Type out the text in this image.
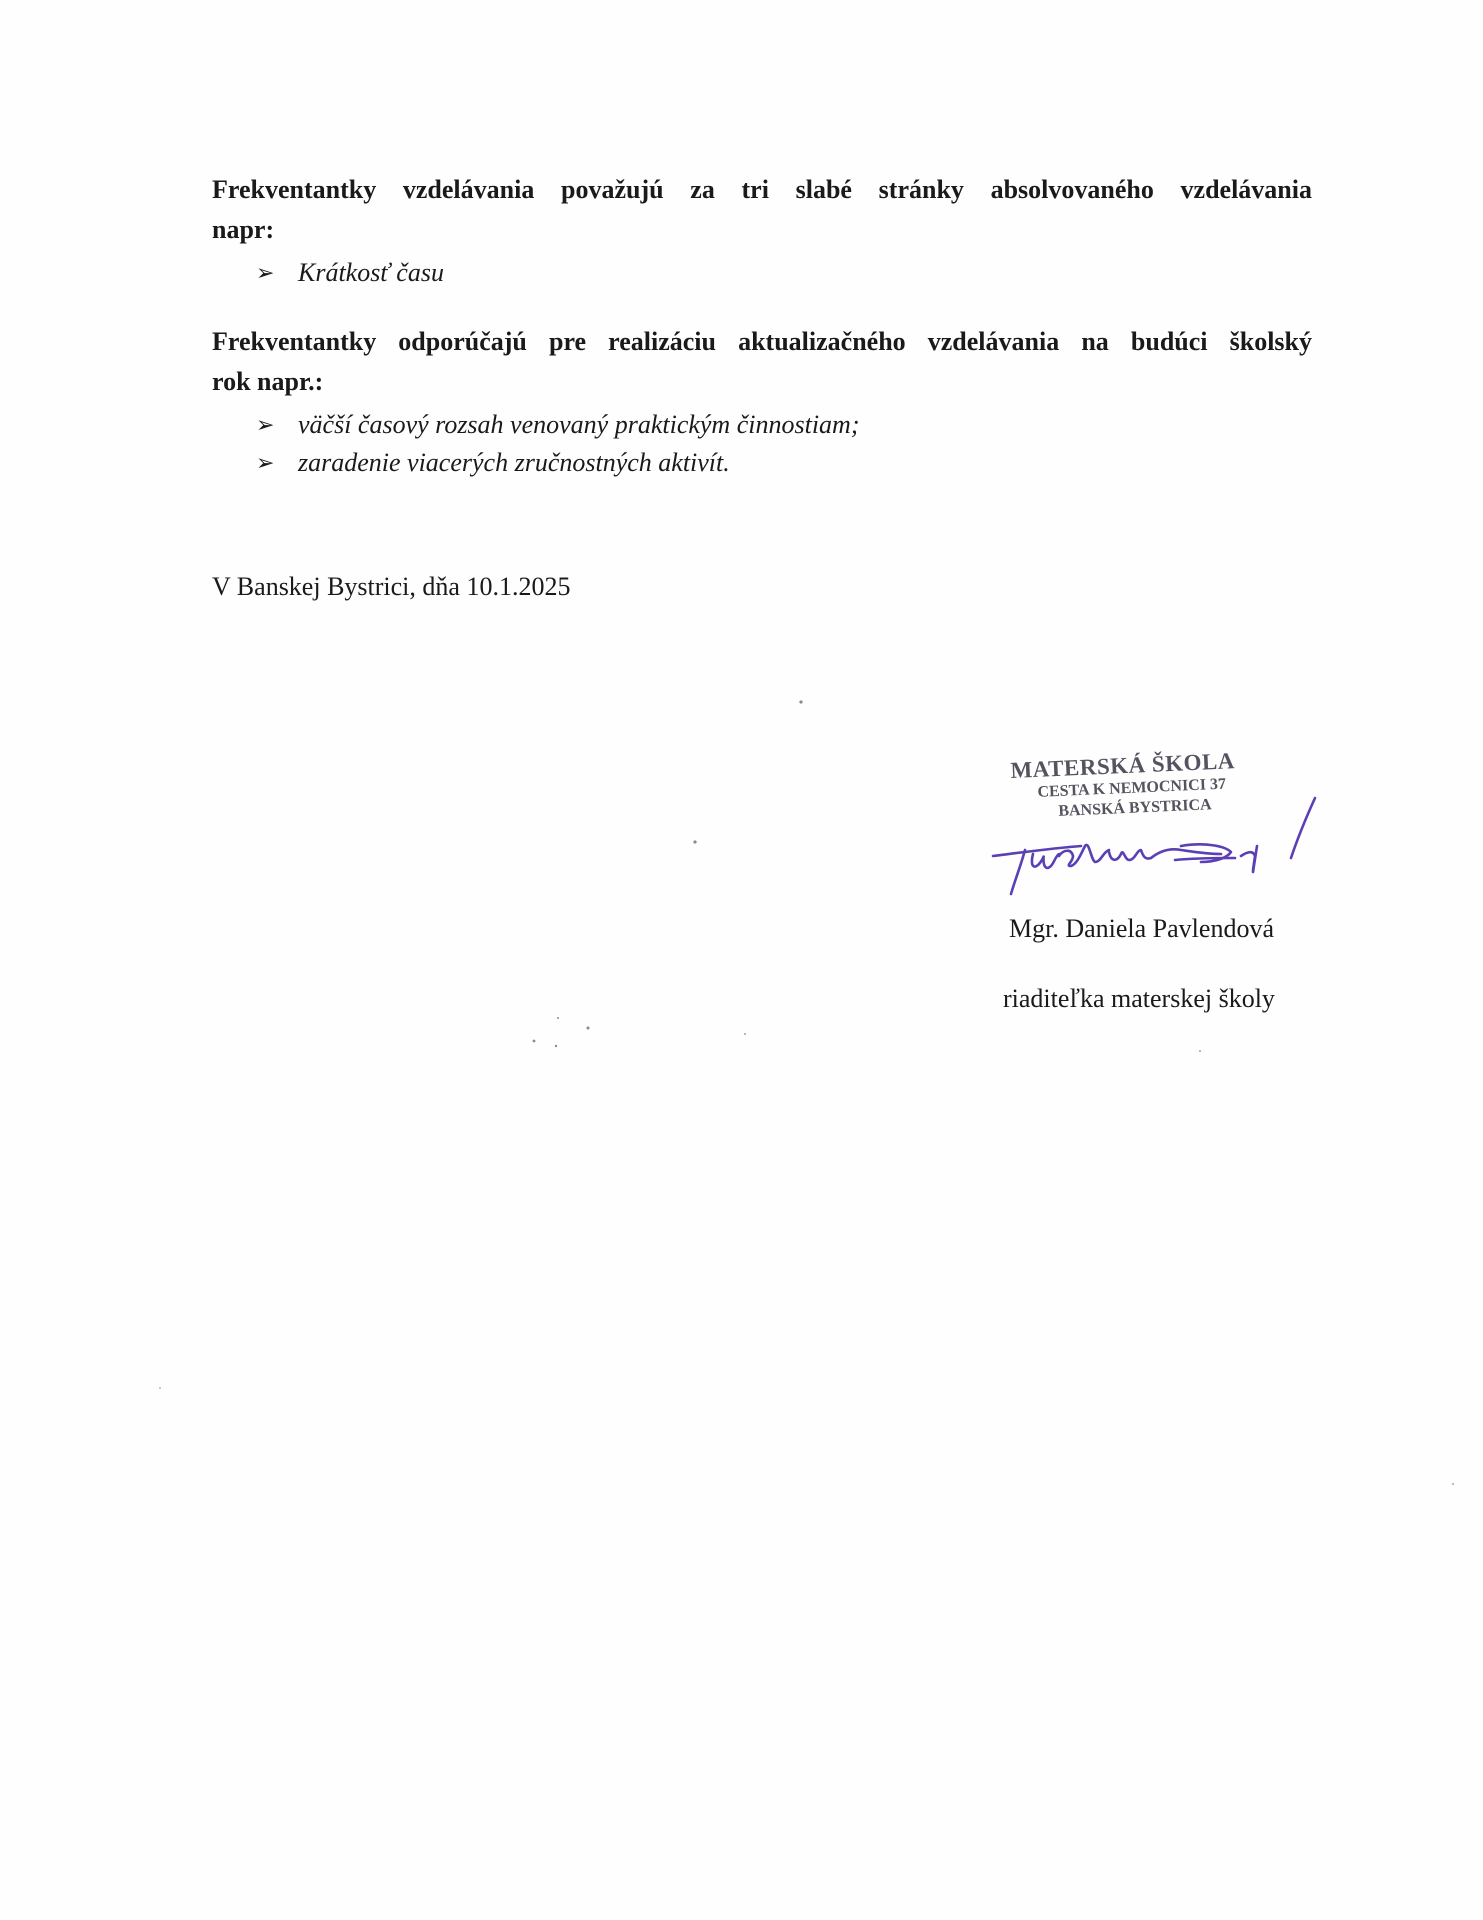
Frekventantky vzdelávania považujú za tri slabé stránky absolvovaného vzdelávania
napr:

➢ Krátkosť času

Frekventantky odporúčajú pre realizáciu aktualizačného vzdelávania na budúci školský
rok napr.:

➢ väčší časový rozsah venovaný praktickým činnostiam;
➢ zaradenie viacerých zručnostných aktivít.
V Banskej Bystrici, dňa 10.1.2025
MATERSKÁ ŠKOLA
CESTA K NEMOCNICI 37
BANSKÁ BYSTRICA
Mgr. Daniela Pavlendová
riaditeľka materskej školy
